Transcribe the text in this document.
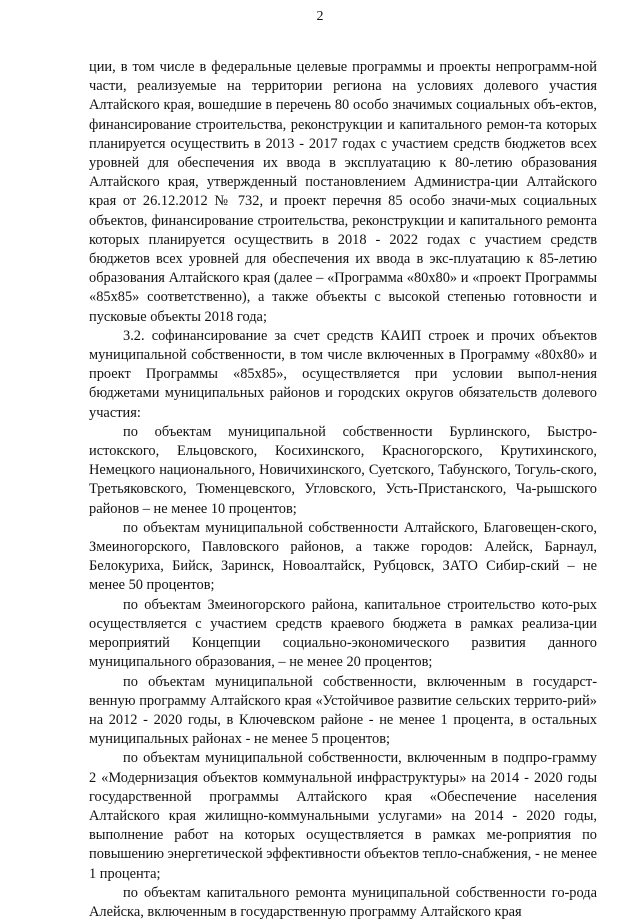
2

ции, в том числе в федеральные целевые программы и проекты непрограмм-ной части, реализуемые на территории региона на условиях долевого участия Алтайского края, вошедшие в перечень 80 особо значимых социальных объ-ектов, финансирование строительства, реконструкции и капитального ремон-та которых планируется осуществить в 2013 - 2017 годах с участием средств бюджетов всех уровней для обеспечения их ввода в эксплуатацию к 80-летию образования Алтайского края, утвержденный постановлением Администра-ции Алтайского края от 26.12.2012 № 732, и проект перечня 85 особо значи-мых социальных объектов, финансирование строительства, реконструкции и капитального ремонта которых планируется осуществить в 2018 - 2022 годах с участием средств бюджетов всех уровней для обеспечения их ввода в экс-плуатацию к 85-летию образования Алтайского края (далее – «Программа «80х80» и «проект Программы «85х85» соответственно), а также объекты с высокой степенью готовности и пусковые объекты 2018 года;

3.2. софинансирование за счет средств КАИП строек и прочих объектов муниципальной собственности, в том числе включенных в Программу «80х80» и проект Программы «85х85», осуществляется при условии выпол-нения бюджетами муниципальных районов и городских округов обязательств долевого участия:

по объектам муниципальной собственности Бурлинского, Быстро-истокского, Ельцовского, Косихинского, Красногорского, Крутихинского, Немецкого национального, Новичихинского, Суетского, Табунского, Тогуль-ского, Третьяковского, Тюменцевского, Угловского, Усть-Пристанского, Ча-рышского районов – не менее 10 процентов;

по объектам муниципальной собственности Алтайского, Благовещен-ского, Змеиногорского, Павловского районов, а также городов: Алейск, Барнаул, Белокуриха, Бийск, Заринск, Новоалтайск, Рубцовск, ЗАТО Сибир-ский – не менее 50 процентов;

по объектам Змеиногорского района, капитальное строительство кото-рых осуществляется с участием средств краевого бюджета в рамках реализа-ции мероприятий Концепции социально-экономического развития данного муниципального образования, – не менее 20 процентов;

по объектам муниципальной собственности, включенным в государст-венную программу Алтайского края «Устойчивое развитие сельских террито-рий» на 2012 - 2020 годы, в Ключевском районе - не менее 1 процента, в остальных муниципальных районах - не менее 5 процентов;

по объектам муниципальной собственности, включенным в подпро-грамму 2 «Модернизация объектов коммунальной инфраструктуры» на 2014 - 2020 годы государственной программы Алтайского края «Обеспечение населения Алтайского края жилищно-коммунальными услугами» на 2014 - 2020 годы, выполнение работ на которых осуществляется в рамках ме-роприятия по повышению энергетической эффективности объектов тепло-снабжения, - не менее 1 процента;

по объектам капитального ремонта муниципальной собственности го-рода Алейска, включенным в государственную программу Алтайского края
